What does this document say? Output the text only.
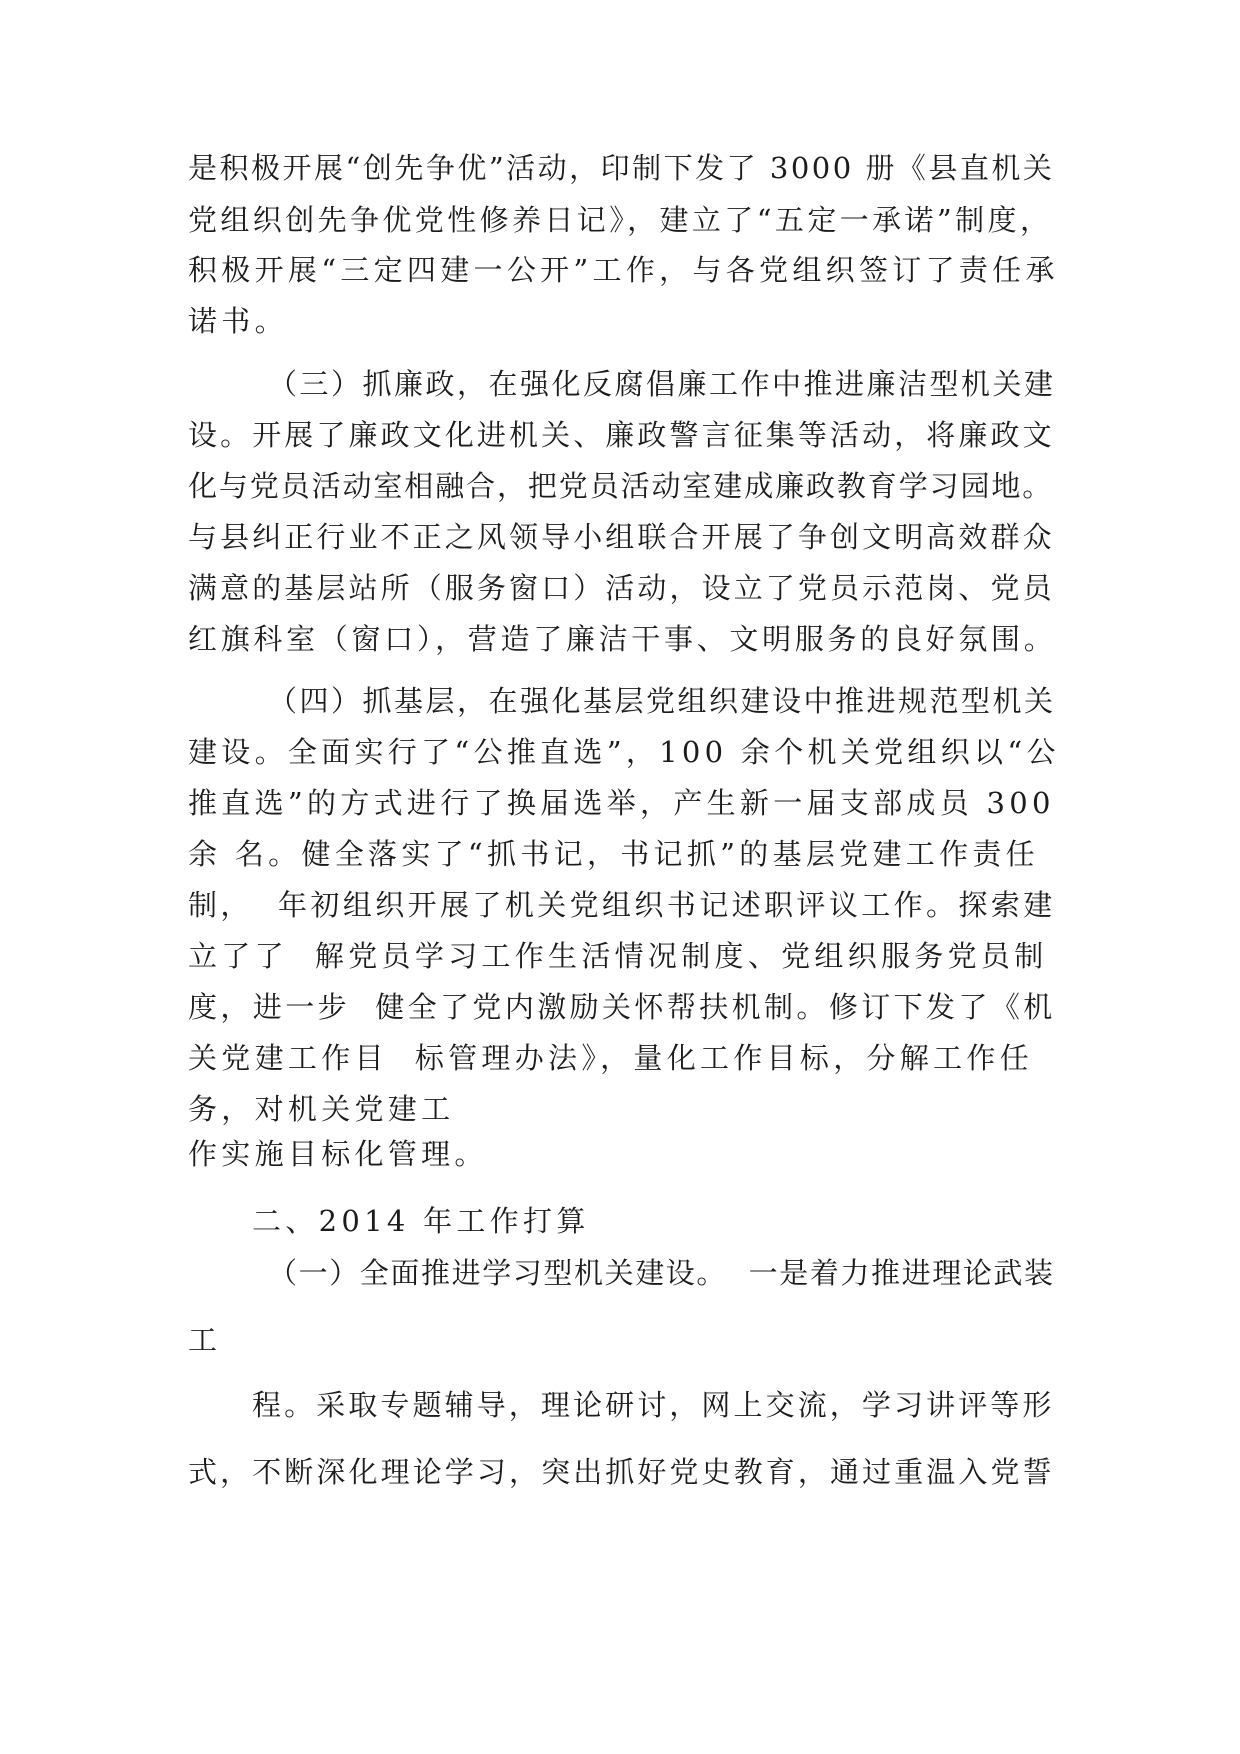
是积极开展“创先争优”活动，印制下发了 3000 册《县直机关

党组织创先争优党性修养日记》，建立了“五定一承诺”制度，

积极开展“三定四建一公开”工作，与各党组织签订了责任承

诺书。

（三）抓廉政，在强化反腐倡廉工作中推进廉洁型机关建

设。开展了廉政文化进机关、廉政警言征集等活动，将廉政文

化与党员活动室相融合，把党员活动室建成廉政教育学习园地。

与县纠正行业不正之风领导小组联合开展了争创文明高效群众

满意的基层站所（服务窗口）活动，设立了党员示范岗、党员

红旗科室（窗口），营造了廉洁干事、文明服务的良好氛围。

（四）抓基层，在强化基层党组织建设中推进规范型机关

建设。全面实行了“公推直选”，100 余个机关党组织以“公

推直选”的方式进行了换届选举，产生新一届支部成员 300

余 名。健全落实了“抓书记，书记抓”的基层党建工作责任

制，  年初组织开展了机关党组织书记述职评议工作。探索建

立了了  解党员学习工作生活情况制度、党组织服务党员制

度，进一步  健全了党内激励关怀帮扶机制。修订下发了《机

关党建工作目  标管理办法》，量化工作目标，分解工作任

务，对机关党建工

作实施目标化管理。

二、2014 年工作打算

（一）全面推进学习型机关建设。  一是着力推进理论武装

工

程。采取专题辅导，理论研讨，网上交流，学习讲评等形

式，不断深化理论学习，突出抓好党史教育，通过重温入党誓
